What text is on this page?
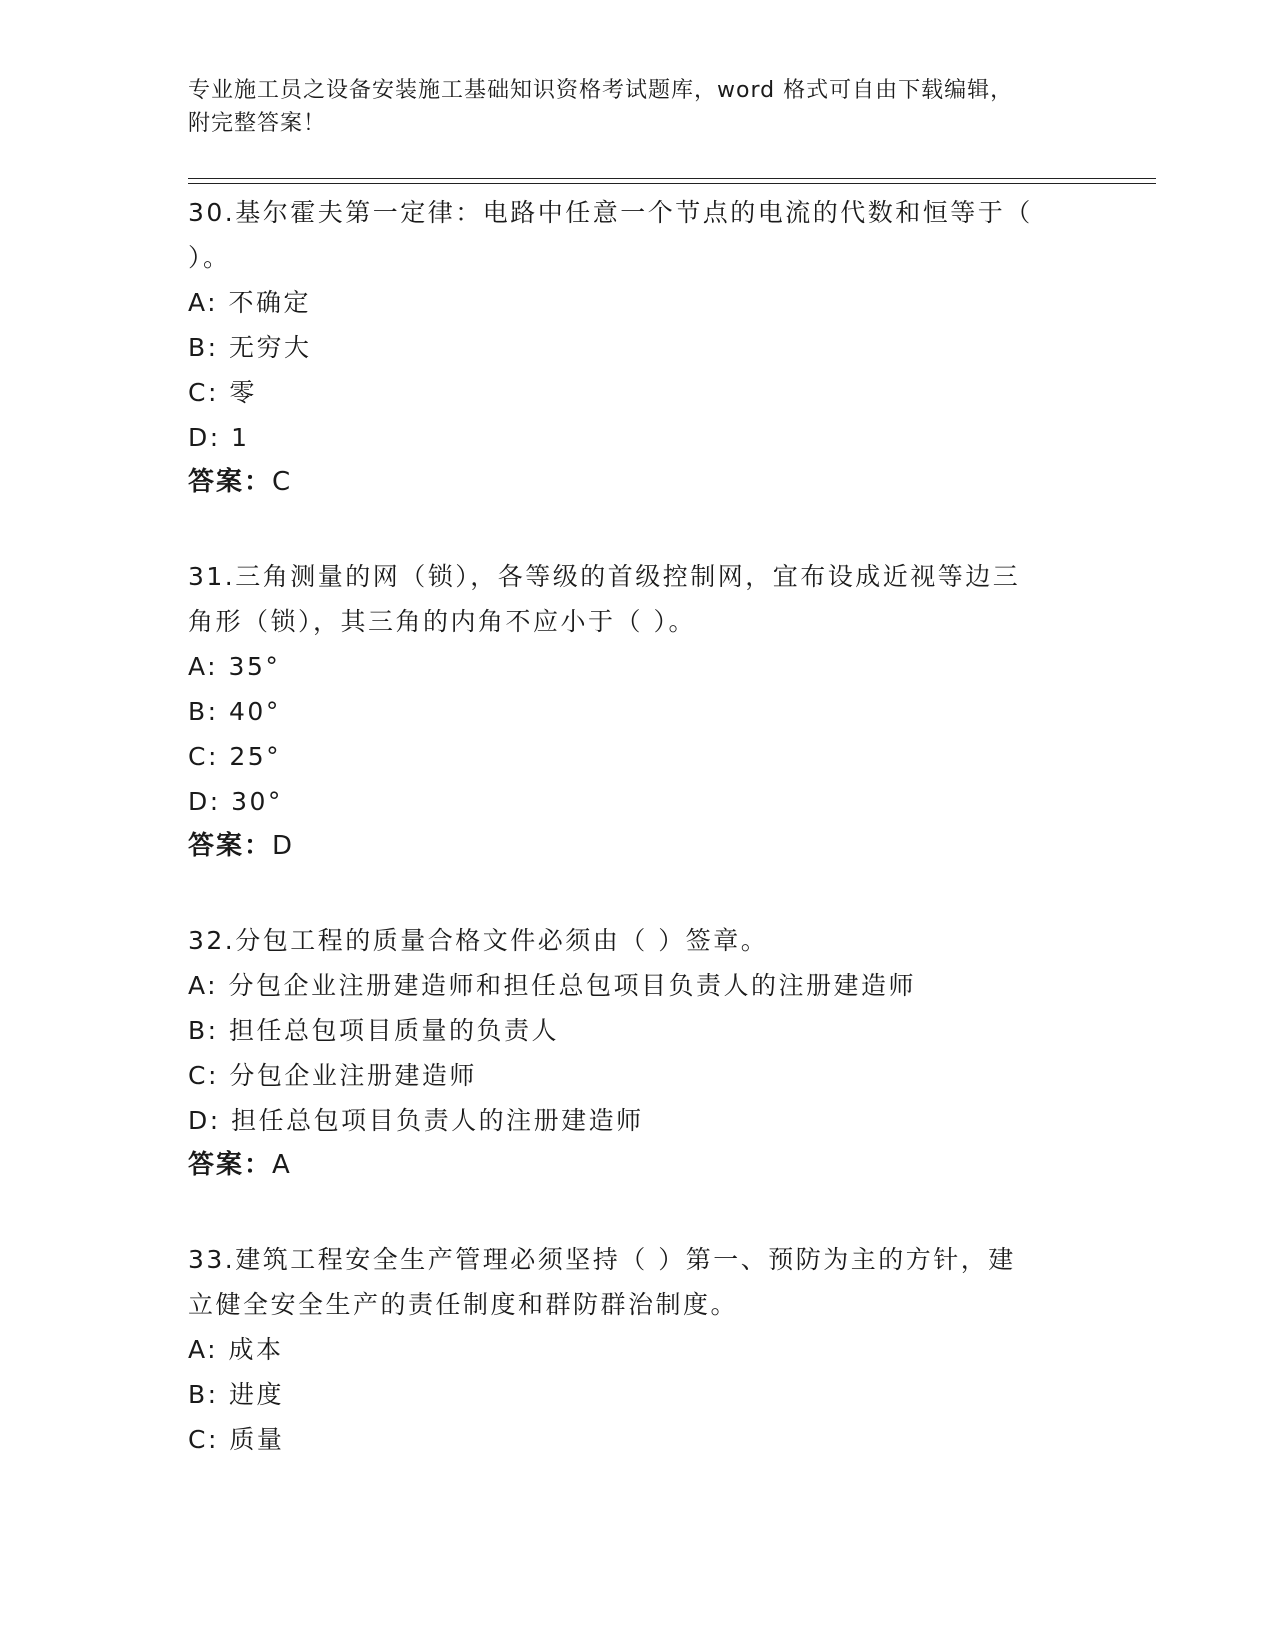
专业施工员之设备安装施工基础知识资格考试题库，word 格式可自由下载编辑，
附完整答案！

30.基尔霍夫第一定律：电路中任意一个节点的电流的代数和恒等于（
）。

A: 不确定
B: 无穷大
C: 零
D: 1
答案：C

31.三角测量的网（锁），各等级的首级控制网，宜布设成近视等边三
角形（锁），其三角的内角不应小于（ ）。

A: 35°
B: 40°
C: 25°
D: 30°
答案：D

32.分包工程的质量合格文件必须由（ ）签章。

A: 分包企业注册建造师和担任总包项目负责人的注册建造师
B: 担任总包项目质量的负责人
C: 分包企业注册建造师
D: 担任总包项目负责人的注册建造师
答案：A

33.建筑工程安全生产管理必须坚持（ ）第一、预防为主的方针，建
立健全安全生产的责任制度和群防群治制度。

A: 成本
B: 进度
C: 质量
